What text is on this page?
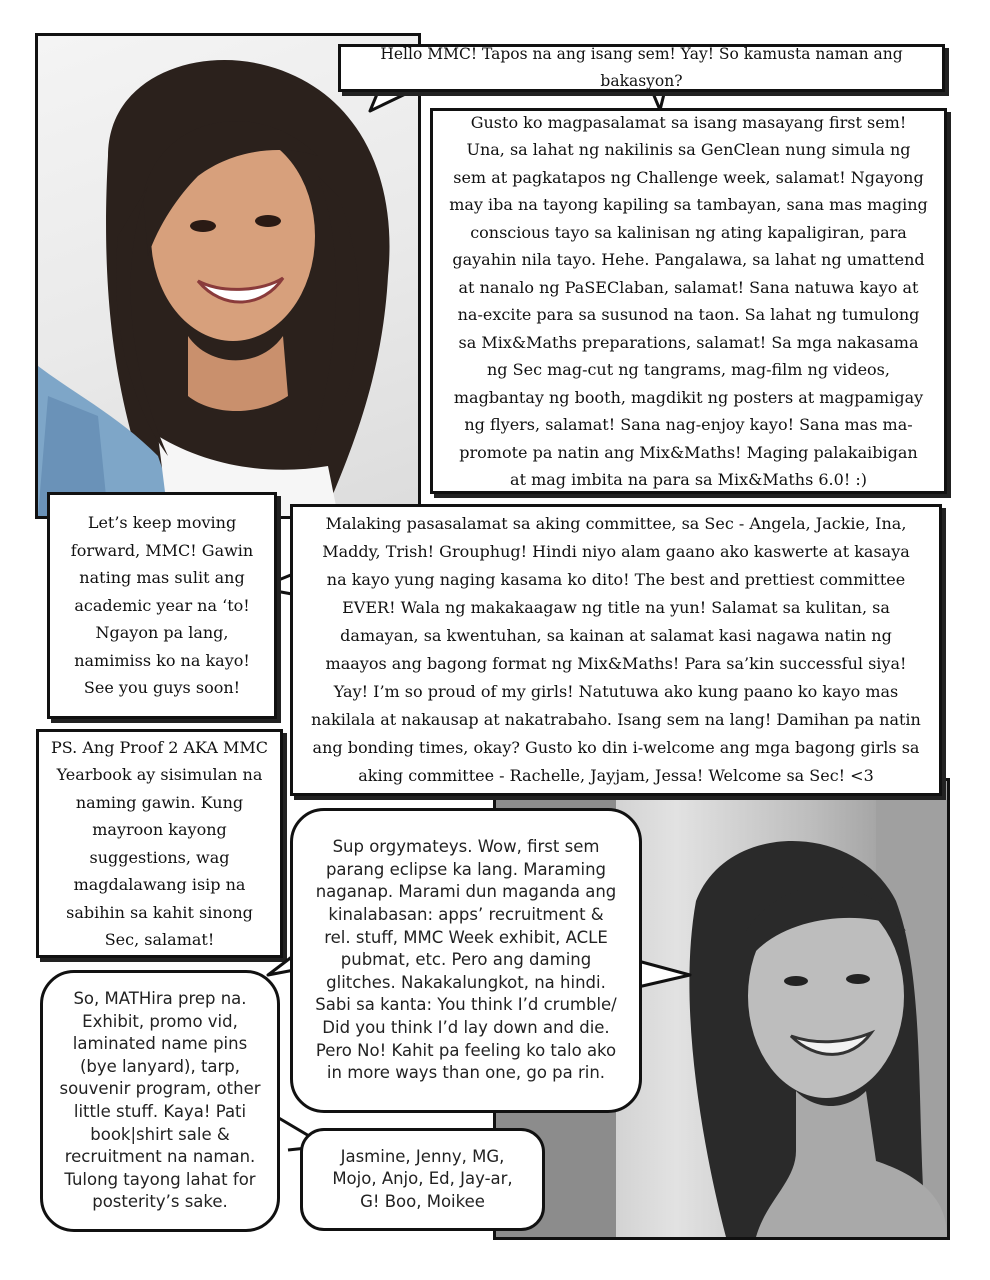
Hello MMC! Tapos na ang isang sem! Yay! So kamusta naman ang bakasyon?

Gusto ko magpasalamat sa isang masayang first sem! Una, sa lahat ng nakilinis sa GenClean nung simula ng sem at pagkatapos ng Challenge week, salamat! Ngayong may iba na tayong kapiling sa tambayan, sana mas maging conscious tayo sa kalinisan ng ating kapaligiran, para gayahin nila tayo. Hehe. Pangalawa, sa lahat ng umattend at nanalo ng PaSEClaban, salamat! Sana natuwa kayo at na-excite para sa susunod na taon. Sa lahat ng tumulong sa Mix&Maths preparations, salamat! Sa mga nakasama ng Sec mag-cut ng tangrams, mag-film ng videos, magbantay ng booth, magdikit ng posters at magpamigay ng flyers, salamat! Sana nag-enjoy kayo! Sana mas ma-promote pa natin ang Mix&Maths! Maging palakaibigan at mag imbita na para sa Mix&Maths 6.0! :)

Let’s keep moving forward, MMC! Gawin nating mas sulit ang academic year na ‘to! Ngayon pa lang, namimiss ko na kayo! See you guys soon!

Malaking pasasalamat sa aking committee, sa Sec - Angela, Jackie, Ina, Maddy, Trish! Grouphug! Hindi niyo alam gaano ako kaswerte at kasaya na kayo yung naging kasama ko dito! The best and prettiest committee EVER! Wala ng makakaagaw ng title na yun! Salamat sa kulitan, sa damayan, sa kwentuhan, sa kainan at salamat kasi nagawa natin ng maayos ang bagong format ng Mix&Maths! Para sa’kin successful siya! Yay! I’m so proud of my girls! Natutuwa ako kung paano ko kayo mas nakilala at nakausap at nakatrabaho. Isang sem na lang! Damihan pa natin ang bonding times, okay? Gusto ko din i-welcome ang mga bagong girls sa aking committee - Rachelle, Jayjam, Jessa! Welcome sa Sec! <3

PS. Ang Proof 2 AKA MMC Yearbook ay sisimulan na naming gawin. Kung mayroon kayong suggestions, wag magdalawang isip na sabihin sa kahit sinong Sec, salamat!

Sup orgymateys. Wow, first sem parang eclipse ka lang. Maraming naganap. Marami dun maganda ang kinalabasan: apps’ recruitment & rel. stuff, MMC Week exhibit, ACLE pubmat, etc. Pero ang daming glitches. Nakakalungkot, na hindi. Sabi sa kanta: You think I’d crumble/ Did you think I’d lay down and die. Pero No! Kahit pa feeling ko talo ako in more ways than one, go pa rin.

So, MATHira prep na. Exhibit, promo vid, laminated name pins (bye lanyard), tarp, souvenir program, other little stuff. Kaya! Pati book|shirt sale & recruitment na naman. Tulong tayong lahat for posterity’s sake.

Jasmine, Jenny, MG, Mojo, Anjo, Ed, Jay-ar, G! Boo, Moikee
